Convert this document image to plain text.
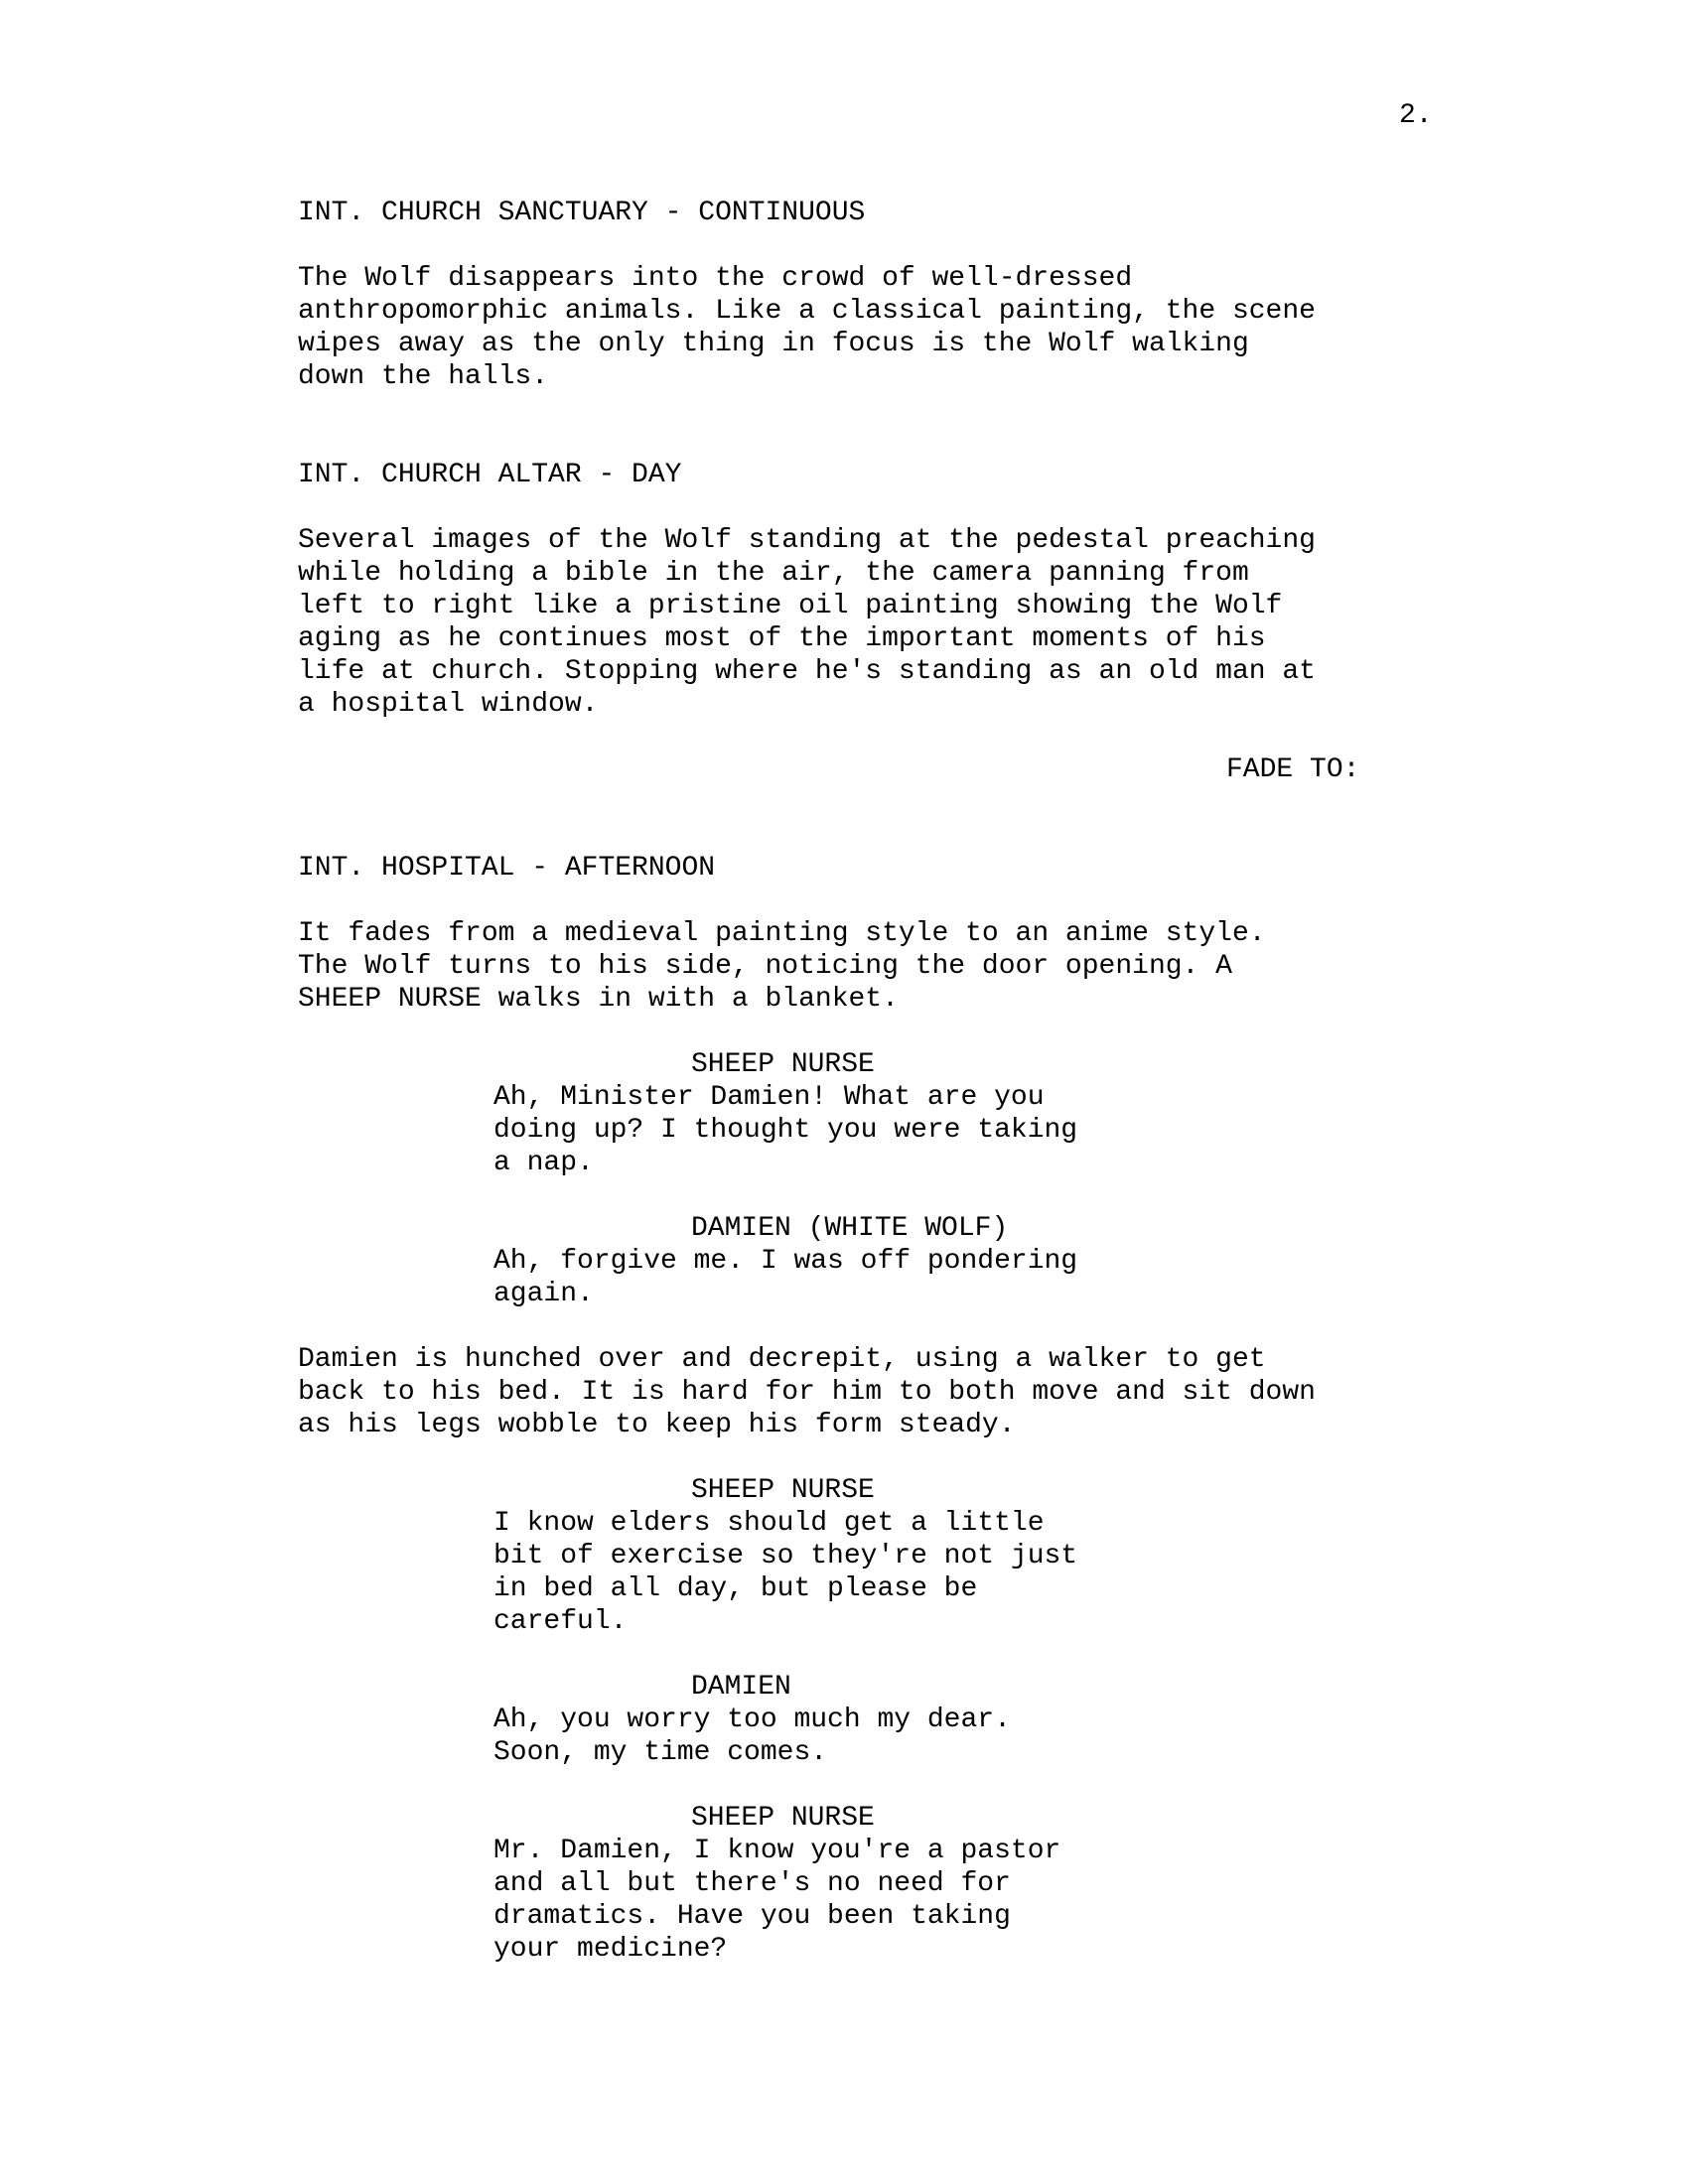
2.
INT. CHURCH SANCTUARY - CONTINUOUS
The Wolf disappears into the crowd of well-dressed
anthropomorphic animals. Like a classical painting, the scene
wipes away as the only thing in focus is the Wolf walking
down the halls.
INT. CHURCH ALTAR - DAY
Several images of the Wolf standing at the pedestal preaching
while holding a bible in the air, the camera panning from
left to right like a pristine oil painting showing the Wolf
aging as he continues most of the important moments of his
life at church. Stopping where he's standing as an old man at
a hospital window.
FADE TO:
INT. HOSPITAL - AFTERNOON
It fades from a medieval painting style to an anime style.
The Wolf turns to his side, noticing the door opening. A
SHEEP NURSE walks in with a blanket.
SHEEP NURSE
Ah, Minister Damien! What are you
doing up? I thought you were taking
a nap.
DAMIEN (WHITE WOLF)
Ah, forgive me. I was off pondering
again.
Damien is hunched over and decrepit, using a walker to get
back to his bed. It is hard for him to both move and sit down
as his legs wobble to keep his form steady.
SHEEP NURSE
I know elders should get a little
bit of exercise so they're not just
in bed all day, but please be
careful.
DAMIEN
Ah, you worry too much my dear.
Soon, my time comes.
SHEEP NURSE
Mr. Damien, I know you're a pastor
and all but there's no need for
dramatics. Have you been taking
your medicine?
